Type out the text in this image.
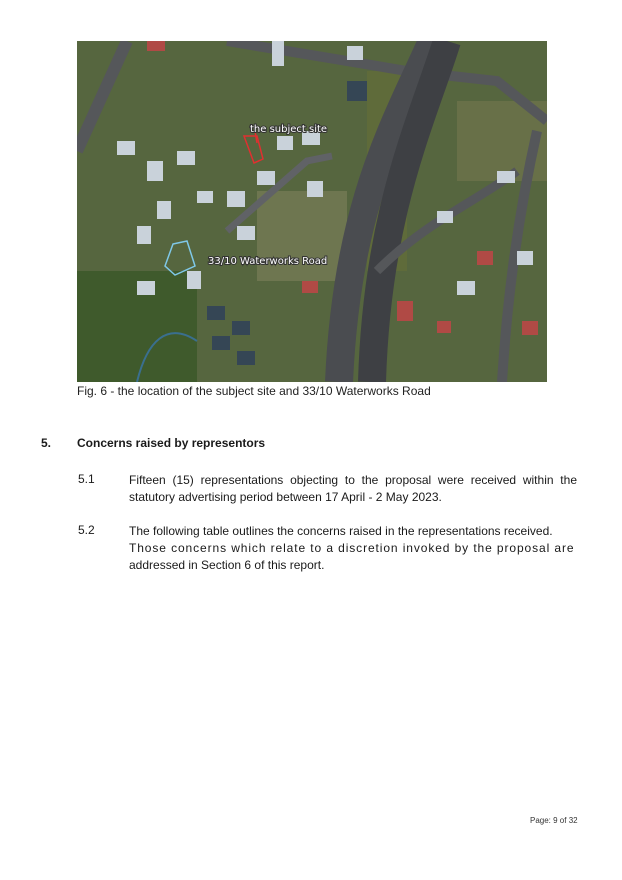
the subject site
33/10 Waterworks Road
Fig. 6 - the location of the subject site and 33/10 Waterworks Road
5. Concerns raised by representors
5.1	Fifteen (15) representations objecting to the proposal were received within the statutory advertising period between 17 April - 2 May 2023.
5.2	The following table outlines the concerns raised in the representations received.
Those concerns which relate to a discretion invoked by the proposal are
addressed in Section 6 of this report.
Page: 9 of 32
